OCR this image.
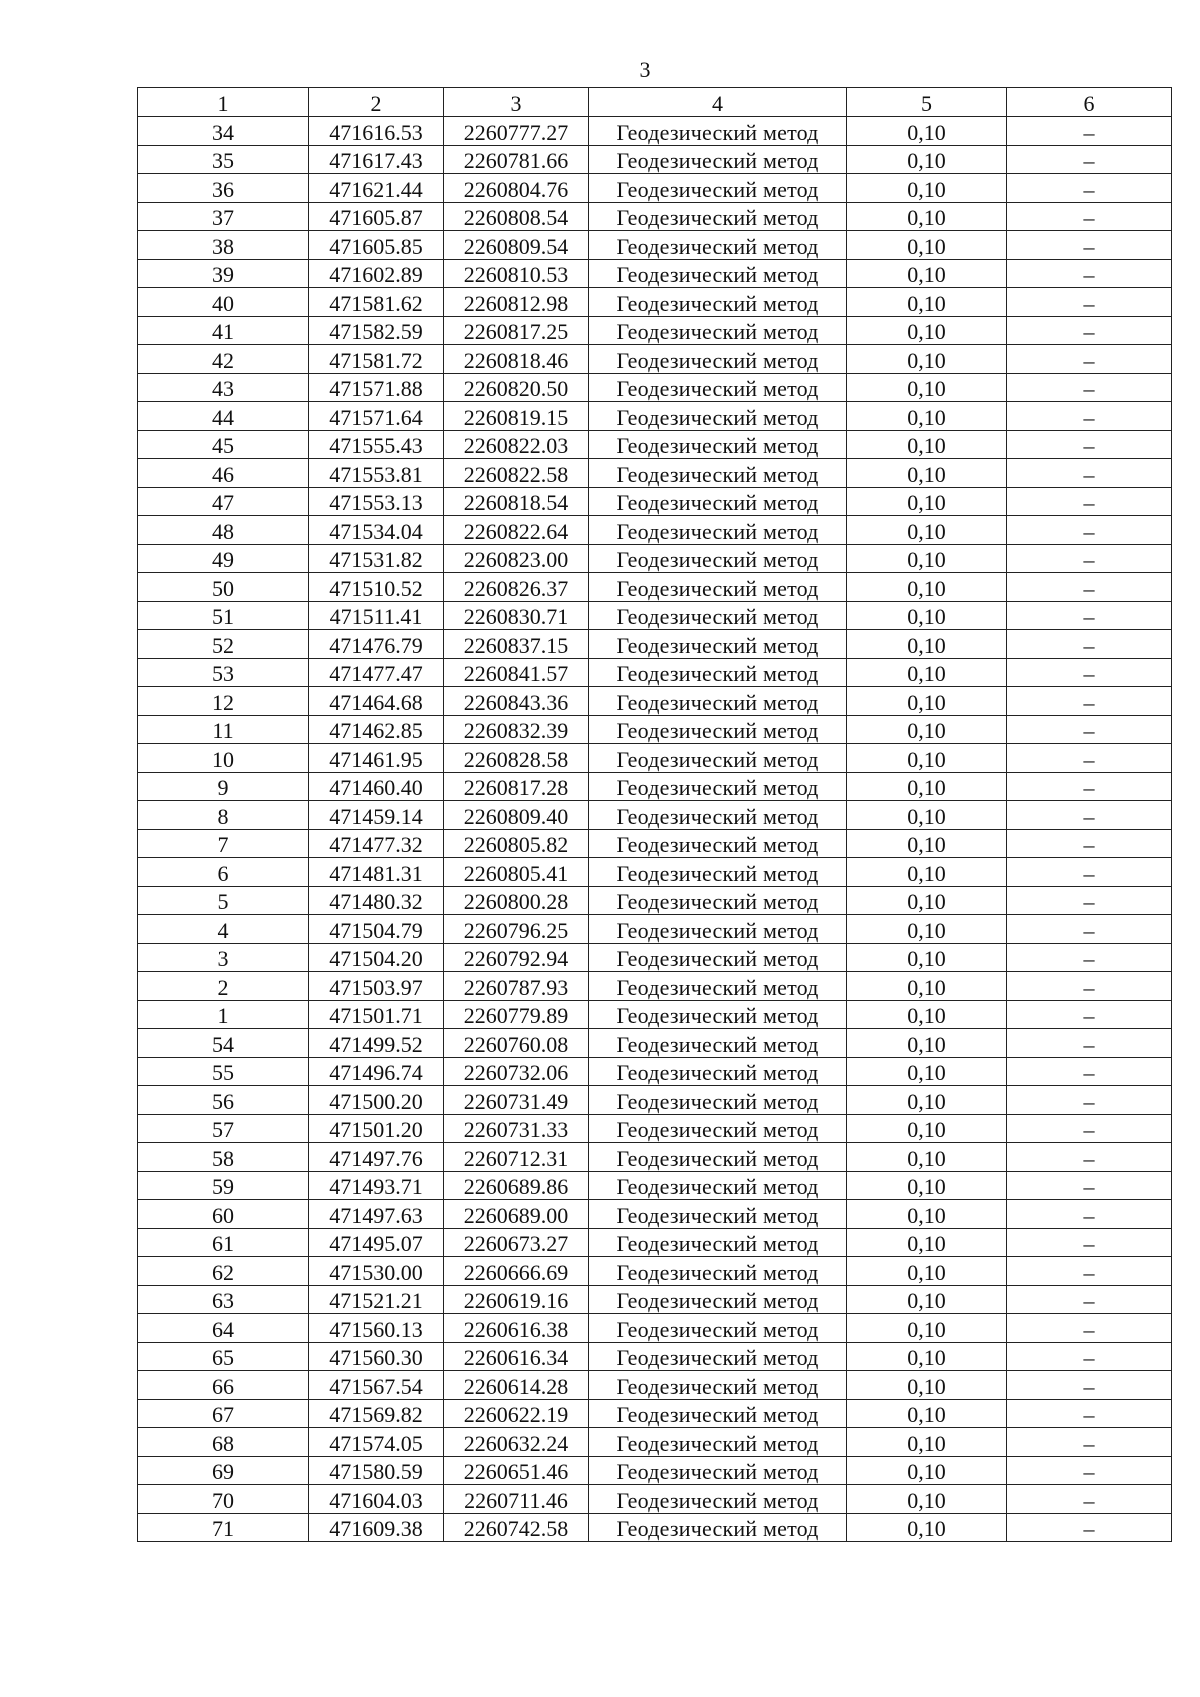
3
1	2	3	4	5	6
34	471616.53	2260777.27	Геодезический метод	0,10	–
35	471617.43	2260781.66	Геодезический метод	0,10	–
36	471621.44	2260804.76	Геодезический метод	0,10	–
37	471605.87	2260808.54	Геодезический метод	0,10	–
38	471605.85	2260809.54	Геодезический метод	0,10	–
39	471602.89	2260810.53	Геодезический метод	0,10	–
40	471581.62	2260812.98	Геодезический метод	0,10	–
41	471582.59	2260817.25	Геодезический метод	0,10	–
42	471581.72	2260818.46	Геодезический метод	0,10	–
43	471571.88	2260820.50	Геодезический метод	0,10	–
44	471571.64	2260819.15	Геодезический метод	0,10	–
45	471555.43	2260822.03	Геодезический метод	0,10	–
46	471553.81	2260822.58	Геодезический метод	0,10	–
47	471553.13	2260818.54	Геодезический метод	0,10	–
48	471534.04	2260822.64	Геодезический метод	0,10	–
49	471531.82	2260823.00	Геодезический метод	0,10	–
50	471510.52	2260826.37	Геодезический метод	0,10	–
51	471511.41	2260830.71	Геодезический метод	0,10	–
52	471476.79	2260837.15	Геодезический метод	0,10	–
53	471477.47	2260841.57	Геодезический метод	0,10	–
12	471464.68	2260843.36	Геодезический метод	0,10	–
11	471462.85	2260832.39	Геодезический метод	0,10	–
10	471461.95	2260828.58	Геодезический метод	0,10	–
9	471460.40	2260817.28	Геодезический метод	0,10	–
8	471459.14	2260809.40	Геодезический метод	0,10	–
7	471477.32	2260805.82	Геодезический метод	0,10	–
6	471481.31	2260805.41	Геодезический метод	0,10	–
5	471480.32	2260800.28	Геодезический метод	0,10	–
4	471504.79	2260796.25	Геодезический метод	0,10	–
3	471504.20	2260792.94	Геодезический метод	0,10	–
2	471503.97	2260787.93	Геодезический метод	0,10	–
1	471501.71	2260779.89	Геодезический метод	0,10	–
54	471499.52	2260760.08	Геодезический метод	0,10	–
55	471496.74	2260732.06	Геодезический метод	0,10	–
56	471500.20	2260731.49	Геодезический метод	0,10	–
57	471501.20	2260731.33	Геодезический метод	0,10	–
58	471497.76	2260712.31	Геодезический метод	0,10	–
59	471493.71	2260689.86	Геодезический метод	0,10	–
60	471497.63	2260689.00	Геодезический метод	0,10	–
61	471495.07	2260673.27	Геодезический метод	0,10	–
62	471530.00	2260666.69	Геодезический метод	0,10	–
63	471521.21	2260619.16	Геодезический метод	0,10	–
64	471560.13	2260616.38	Геодезический метод	0,10	–
65	471560.30	2260616.34	Геодезический метод	0,10	–
66	471567.54	2260614.28	Геодезический метод	0,10	–
67	471569.82	2260622.19	Геодезический метод	0,10	–
68	471574.05	2260632.24	Геодезический метод	0,10	–
69	471580.59	2260651.46	Геодезический метод	0,10	–
70	471604.03	2260711.46	Геодезический метод	0,10	–
71	471609.38	2260742.58	Геодезический метод	0,10	–
